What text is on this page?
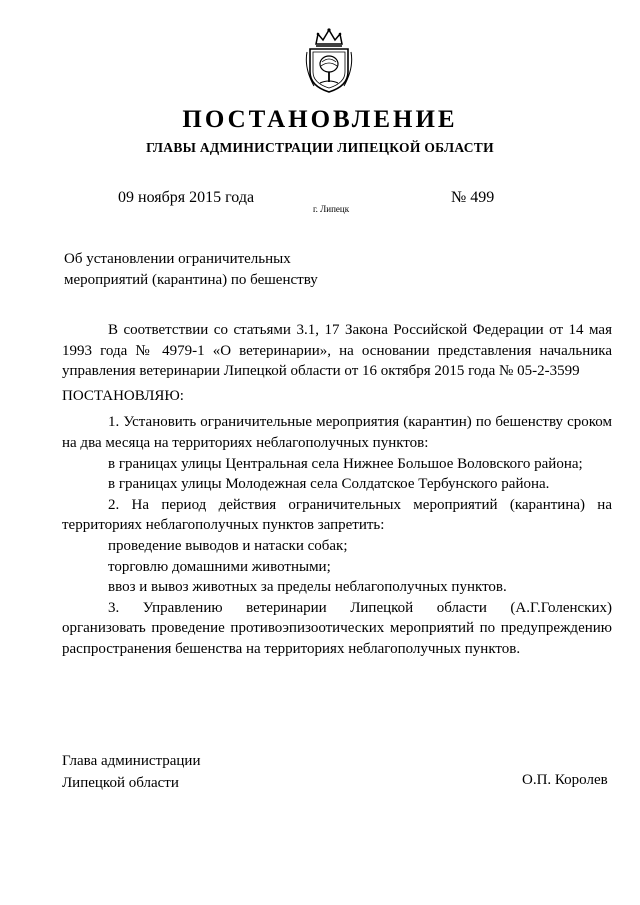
ПОСТАНОВЛЕНИЕ
ГЛАВЫ АДМИНИСТРАЦИИ ЛИПЕЦКОЙ ОБЛАСТИ
09 ноября 2015 года
г. Липецк
№ 499
Об установлении ограничительных
мероприятий (карантина) по бешенству

В соответствии со статьями 3.1, 17 Закона Российской Федерации от 14 мая 1993 года № 4979-1 «О ветеринарии», на основании представления начальника управления ветеринарии Липецкой области от 16 октября 2015 года № 05-2-3599

ПОСТАНОВЛЯЮ:

1. Установить ограничительные мероприятия (карантин) по бешенству сроком на два месяца на территориях неблагополучных пунктов:

в границах улицы Центральная села Нижнее Большое Воловского района;

в границах улицы Молодежная села Солдатское Тербунского района.

2. На период действия ограничительных мероприятий (карантина) на территориях неблагополучных пунктов запретить:

проведение выводов и натаски собак;

торговлю домашними животными;

ввоз и вывоз животных за пределы неблагополучных пунктов.

3. Управлению ветеринарии Липецкой области (А.Г.Голенских)

организовать проведение противоэпизоотических мероприятий по предупреждению распространения бешенства на территориях неблагополучных пунктов.

Глава администрации
Липецкой области	О.П. Королев
